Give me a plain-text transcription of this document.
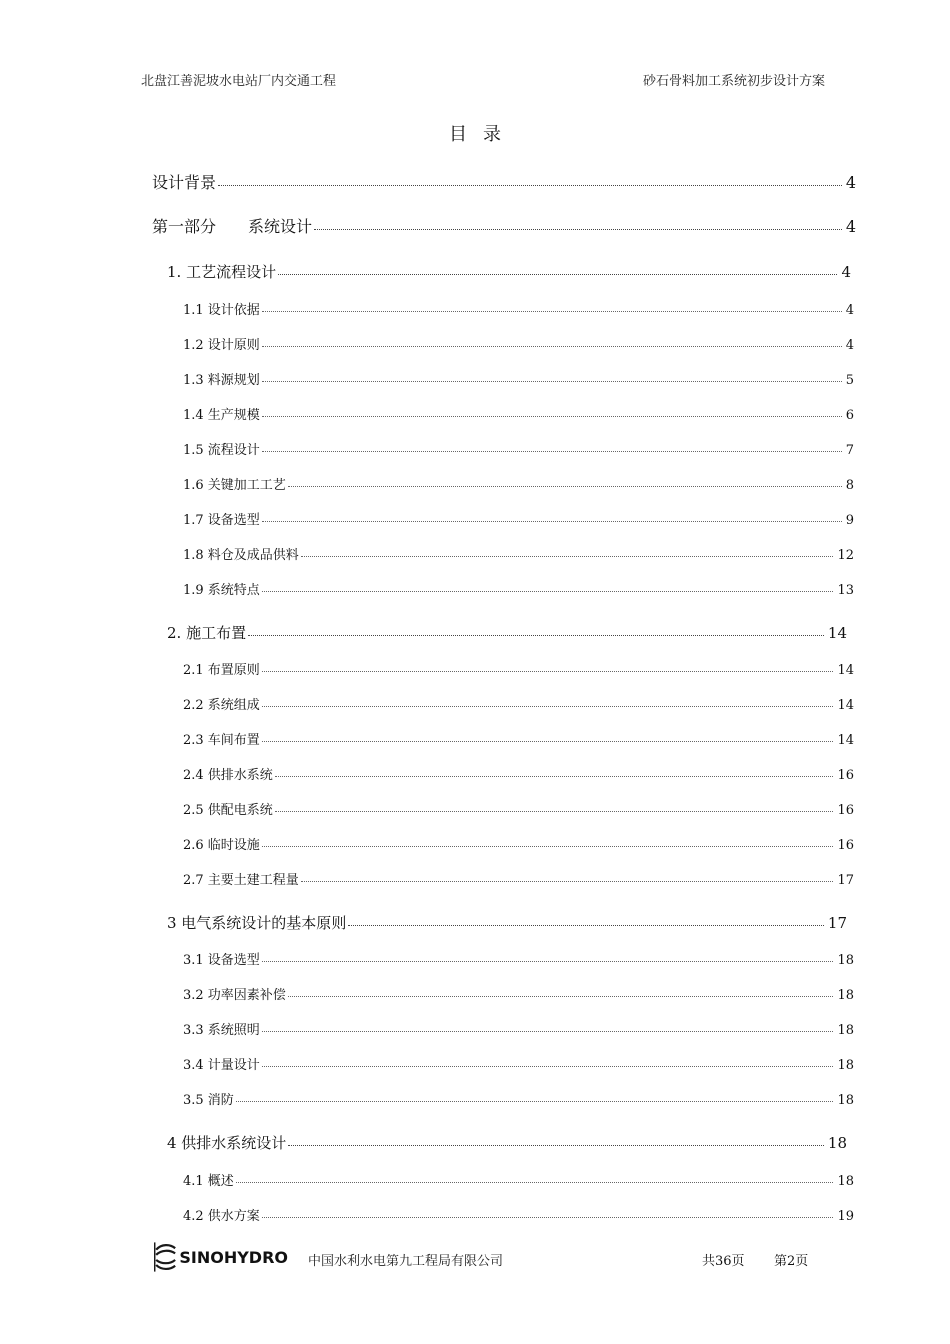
北盘江善泥坡水电站厂内交通工程	砂石骨料加工系统初步设计方案
目录
设计背景	4
第一部分　　系统设计	4
1. 工艺流程设计	4
1.1 设计依据	4
1.2 设计原则	4
1.3 料源规划	5
1.4 生产规模	6
1.5 流程设计	7
1.6 关键加工工艺	8
1.7 设备选型	9
1.8 料仓及成品供料	12
1.9 系统特点	13
2. 施工布置	14
2.1 布置原则	14
2.2 系统组成	14
2.3 车间布置	14
2.4 供排水系统	16
2.5 供配电系统	16
2.6 临时设施	16
2.7 主要土建工程量	17
3 电气系统设计的基本原则	17
3.1 设备选型	18
3.2 功率因素补偿	18
3.3 系统照明	18
3.4 计量设计	18
3.5 消防	18
4 供排水系统设计	18
4.1 概述	18
4.2 供水方案	19
SINOHYDRO 中国水利水电第九工程局有限公司	共36页 第2页
